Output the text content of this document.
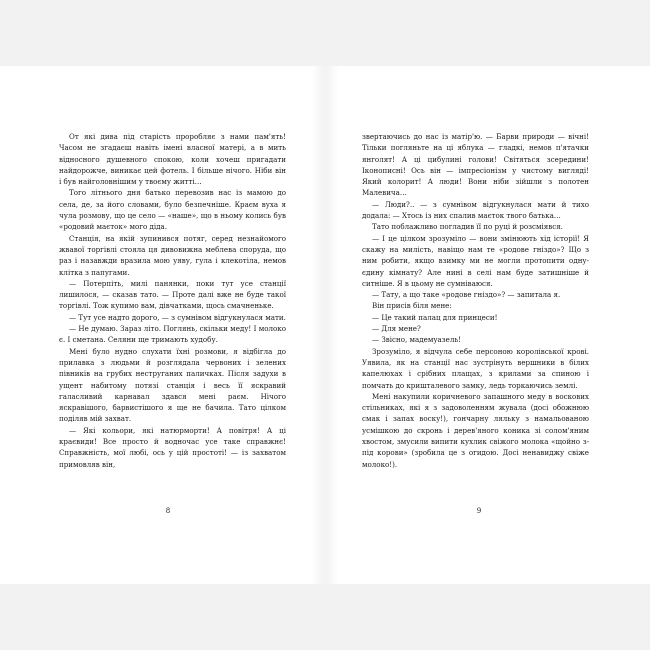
От які дива під старість проробляє з нами пам'ять! Часом не згадаєш навіть імені власної матері, а в мить відносного душевного спокою, коли хочеш пригадати найдорожче, виникає цей фотель. І більше нічого. Ніби він і був найголовнішим у твоєму житті…

Того літнього дня батько перевозив нас із мамою до села, де, за його словами, було безпечніше. Краєм вуха я чула розмову, що це село — «наше», що в ньому колись був «родовий маєток» мого діда.

Станція, на якій зупинився потяг, серед незнайомого жвавої торгівлі стояла ця дивовижна меблева споруда, що раз і назавжди вразила мою уяву, гула і клекотіла, немов клітка з папугами.

— Потерпіть, милі панянки, поки тут усе станції лишилося, — сказав тато. — Проте далі вже не буде такої торгівлі. Тож купимо вам, дівчатками, щось смачненьке.

— Тут усе надто дорого, — з сумнівом відгукнулася мати.

— Не думаю. Зараз літо. Поглянь, скільки меду! І молоко є. І сметана. Селяни ще тримають худобу.

Мені було нудно слухати їхні розмови, я відбігла до прилавка з людьми й розглядала червоних і зелених півників на грубих неструганих паличках. Після задухи в ущент набитому потязі станція і весь її яскравий галасливий карнавал здався мені раєм. Нічого яскравішого, барвистішого я ще не бачила. Тато цілком поділяв мій захват.

— Які кольори, які натюрморти! А повітря! А ці краєвиди! Все просто й водночас усе таке справжнє! Справжність, мої любі, ось у цій простоті! — із захватом примовляв він,

8

звертаючись до нас із матір'ю. — Барви природи — вічні! Тільки погляньте на ці яблука — гладкі, немов п'ятачки янголят! А ці цибулині голови! Світяться зсередини! Іконописні! Ось він — імпресіонізм у чистому вигляді! Який колорит! А люди! Вони ніби зійшли з полотен Малевича…

— Люди?.. — з сумнівом відгукнулася мати й тихо додала: — Хтось із них спалив маєток твого батька…

Тато поблажливо погладив її по руці й розсміявся.

— І це цілком зрозуміло — вони змінюють хід історії! Я скажу на милість, навіщо нам те «родове гніздо»? Що з ним робити, якщо взимку ми не могли протопити одну-єдину кімнату? Але нині в селі нам буде затишніше й ситніше. Я в цьому не сумніваюся.

— Тату, а що таке «родове гніздо»? — запитала я.

Він присів біля мене:

— Це такий палац для принцеси!

— Для мене?

— Звісно, мадемуазель!

Зрозуміло, я відчула себе персоною королівської крові. Уявила, як на станції нас зустрінуть вершники в білих капелюхах і срібних плащах, з крилами за спиною і помчать до кришталевого замку, ледь торкаючись землі.

Мені накупили коричневого запашного меду в воскових стільниках, які я з задоволенням жувала (досі обожнюю смак і запах воску!), гончарну ляльку з намальованою усмішкою до скронь і дерев'яного коника зі солом'яним хвостом, змусили випити кухлик свіжого молока «щойно з-під корови» (зробила це з огидою. Досі ненавиджу свіже молоко!).

9
